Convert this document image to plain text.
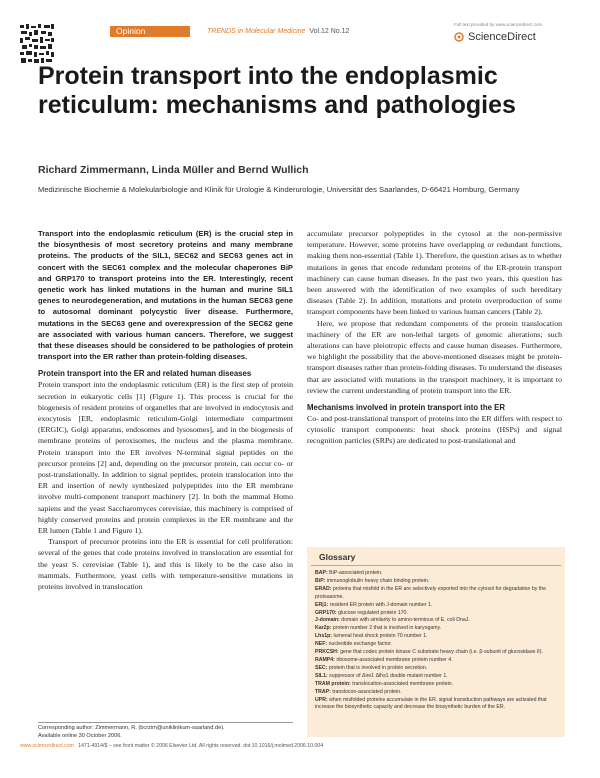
Opinion	TRENDS in Molecular Medicine Vol.12 No.12
Full text provided by www.sciencedirect.com
ScienceDirect
Protein transport into the endoplasmic reticulum: mechanisms and pathologies
Richard Zimmermann, Linda Müller and Bernd Wullich
Medizinische Biochemie & Molekularbiologie and Klinik für Urologie & Kinderurologie, Universität des Saarlandes, D-66421 Homburg, Germany

Transport into the endoplasmic reticulum (ER) is the crucial step in the biosynthesis of most secretory proteins and many membrane proteins. The products of the SIL1, SEC62 and SEC63 genes act in concert with the SEC61 complex and the molecular chaperones BiP and GRP170 to transport proteins into the ER. Interestingly, recent genetic work has linked mutations in the human and murine SIL1 genes to neurodegeneration, and mutations in the human SEC63 gene to autosomal dominant polycystic liver disease. Furthermore, mutations in the SEC63 gene and overexpression of the SEC62 gene are associated with various human cancers. Therefore, we suggest that these diseases should be considered to be pathologies of protein transport into the ER rather than protein-folding diseases.

Protein transport into the ER and related human diseases

Protein transport into the endoplasmic reticulum (ER) is the first step of protein secretion in eukaryotic cells [1] (Figure 1). This process is crucial for the biogenesis of resident proteins of organelles that are involved in endocytosis and exocytosis [ER, endoplasmic reticulum-Golgi intermediate compartment (ERGIC), Golgi apparatus, endosomes and lysosomes], and in the biogenesis of membrane proteins of peroxisomes, the nucleus and the plasma membrane. Protein transport into the ER involves N-terminal signal peptides on the precursor proteins [2] and, depending on the precursor protein, can occur co- or post-translationally. In addition to signal peptides, protein translocation into the ER and insertion of newly synthesized polypeptides into the ER membrane involve multi-component transport machinery [2]. In both the mammal Homo sapiens and the yeast Saccharomyces cerevisiae, this machinery is comprised of highly conserved proteins and protein complexes in the ER membrane and the ER lumen (Table 1 and Figure 1).

Transport of precursor proteins into the ER is essential for cell proliferation: several of the genes that code proteins involved in translocation are essential for the yeast S. cerevisiae (Table 1), and this is likely to be the case also in mammals. Furthermore, yeast cells with temperature-sensitive mutations in proteins involved in translocation

accumulate precursor polypeptides in the cytosol at the non-permissive temperature. However, some proteins have overlapping or redundant functions, making them non-essential (Table 1). Therefore, the question arises as to whether mutations in genes that encode redundant proteins of the ER-protein transport machinery can cause human diseases. In the past two years, this question has been answered with the identification of two examples of such hereditary diseases (Table 2). In addition, mutations and protein overproduction of some transport components have been linked to various human cancers (Table 2).

Here, we propose that redundant components of the protein translocation machinery of the ER are non-lethal targets of genomic alterations; such alterations can have pleiotropic effects and cause human diseases. Furthermore, we highlight the possibility that the above-mentioned diseases might be protein-transport diseases rather than protein-folding diseases. To understand the diseases that are associated with mutations in the transport machinery, it is important to review the current understanding of protein transport into the ER.

Mechanisms involved in protein transport into the ER

Co- and post-translational transport of proteins into the ER differs with respect to cytosolic transport components: heat shock proteins (HSPs) and signal recognition particles (SRPs) are dedicated to post-translational and

Glossary
BAP: BiP-associated protein.
BiP: immunoglobulin heavy chain binding protein.
ERAD: proteins that misfold in the ER are selectively exported into the cytosol for degradation by the proteasome.
ERj1: resident ER protein with J-domain number 1.
GRP170: glucose regulated protein 170.
J-domain: domain with similarity to amino-terminus of E. coli DnaJ.
Kar2p: protein number 2 that is involved in karyogamy.
Lhs1p: lumenal heat shock protein 70 number 1.
NEF: nucleotide exchange factor.
PRKCSH: gene that codes protein kinase C substrate heavy chain (i.e. β-subunit of glucosidase II).
RAMP4: ribosome-associated membrane protein number 4.
SEC: protein that is involved in protein secretion.
SIL1: suppressor of Δire1 Δlhs1 double mutant number 1.
TRAM protein: translocation-associated membrane protein.
TRAP: translocon-associated protein.
UPR: when misfolded proteins accumulate in the ER, signal transduction pathways are activated that increase the biosynthetic capacity and decrease the biosynthetic burden of the ER.
Corresponding author: Zimmermann, R. (bcrzim@uniklinikum-saarland.de).
Available online 30 October 2006.
www.sciencedirect.com 1471-4914/$ – see front matter © 2006 Elsevier Ltd. All rights reserved. doi:10.1016/j.molmed.2006.10.004
